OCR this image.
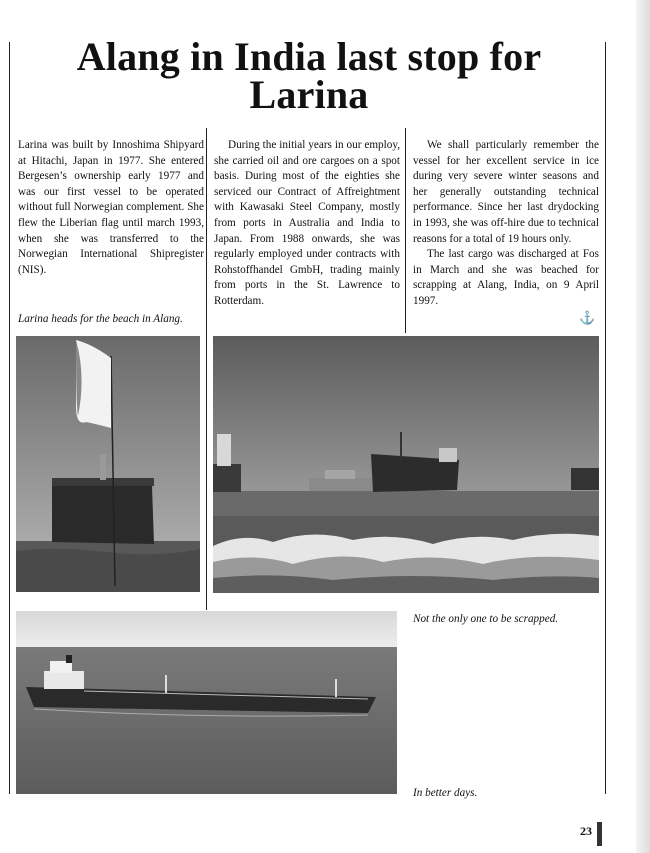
Alang in India last stop for Larina

Larina was built by Innoshima Shipyard at Hitachi, Japan in 1977. She entered Bergesen’s ownership early 1977 and was our first vessel to be operated without full Norwegian complement. She flew the Liberian flag until march 1993, when she was transferred to the Norwegian International Shipregister (NIS).

During the initial years in our employ, she carried oil and ore cargoes on a spot basis. During most of the eighties she serviced our Contract of Affreightment with Kawasaki Steel Company, mostly from ports in Australia and India to Japan. From 1988 onwards, she was regularly employed under contracts with Rohstoffhandel GmbH, trading mainly from ports in the St. Lawrence to Rotterdam.

We shall particularly remember the vessel for her excellent service in ice during very severe winter seasons and her generally outstanding technical performance. Since her last drydocking in 1993, she was off-hire due to technical reasons for a total of 19 hours only.

The last cargo was discharged at Fos in March and she was beached for scrapping at Alang, India, on 9 April 1997.

⚓
Larina heads for the beach in Alang.
Not the only one to be scrapped.
In better days.
23
